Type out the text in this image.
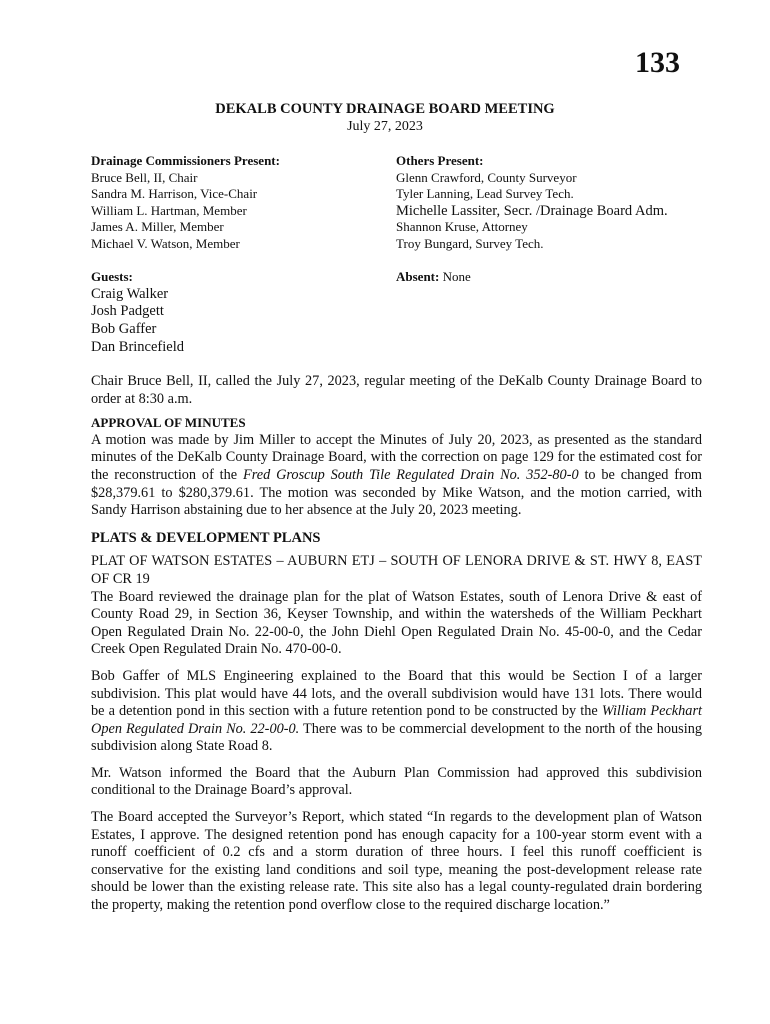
133
DEKALB COUNTY DRAINAGE BOARD MEETING
July 27, 2023
Drainage Commissioners Present:
Bruce Bell, II, Chair
Sandra M. Harrison, Vice-Chair
William L. Hartman, Member
James A. Miller, Member
Michael V. Watson, Member
Others Present:
Glenn Crawford, County Surveyor
Tyler Lanning, Lead Survey Tech.
Michelle Lassiter, Secr. /Drainage Board Adm.
Shannon Kruse, Attorney
Troy Bungard, Survey Tech.
Guests:
Craig Walker
Josh Padgett
Bob Gaffer
Dan Brincefield
Absent: None

Chair Bruce Bell, II, called the July 27, 2023, regular meeting of the DeKalb County Drainage Board to order at 8:30 a.m.

APPROVAL OF MINUTES

A motion was made by Jim Miller to accept the Minutes of July 20, 2023, as presented as the standard minutes of the DeKalb County Drainage Board, with the correction on page 129 for the estimated cost for the reconstruction of the Fred Groscup South Tile Regulated Drain No. 352-80-0 to be changed from $28,379.61 to $280,379.61. The motion was seconded by Mike Watson, and the motion carried, with Sandy Harrison abstaining due to her absence at the July 20, 2023 meeting.

PLATS & DEVELOPMENT PLANS

PLAT OF WATSON ESTATES – AUBURN ETJ – SOUTH OF LENORA DRIVE & ST. HWY 8, EAST OF CR 19

The Board reviewed the drainage plan for the plat of Watson Estates, south of Lenora Drive & east of County Road 29, in Section 36, Keyser Township, and within the watersheds of the William Peckhart Open Regulated Drain No. 22-00-0, the John Diehl Open Regulated Drain No. 45-00-0, and the Cedar Creek Open Regulated Drain No. 470-00-0.

Bob Gaffer of MLS Engineering explained to the Board that this would be Section I of a larger subdivision. This plat would have 44 lots, and the overall subdivision would have 131 lots. There would be a detention pond in this section with a future retention pond to be constructed by the William Peckhart Open Regulated Drain No. 22-00-0. There was to be commercial development to the north of the housing subdivision along State Road 8.

Mr. Watson informed the Board that the Auburn Plan Commission had approved this subdivision conditional to the Drainage Board’s approval.

The Board accepted the Surveyor’s Report, which stated “In regards to the development plan of Watson Estates, I approve. The designed retention pond has enough capacity for a 100-year storm event with a runoff coefficient of 0.2 cfs and a storm duration of three hours. I feel this runoff coefficient is conservative for the existing land conditions and soil type, meaning the post-development release rate should be lower than the existing release rate. This site also has a legal county-regulated drain bordering the property, making the retention pond overflow close to the required discharge location.”
